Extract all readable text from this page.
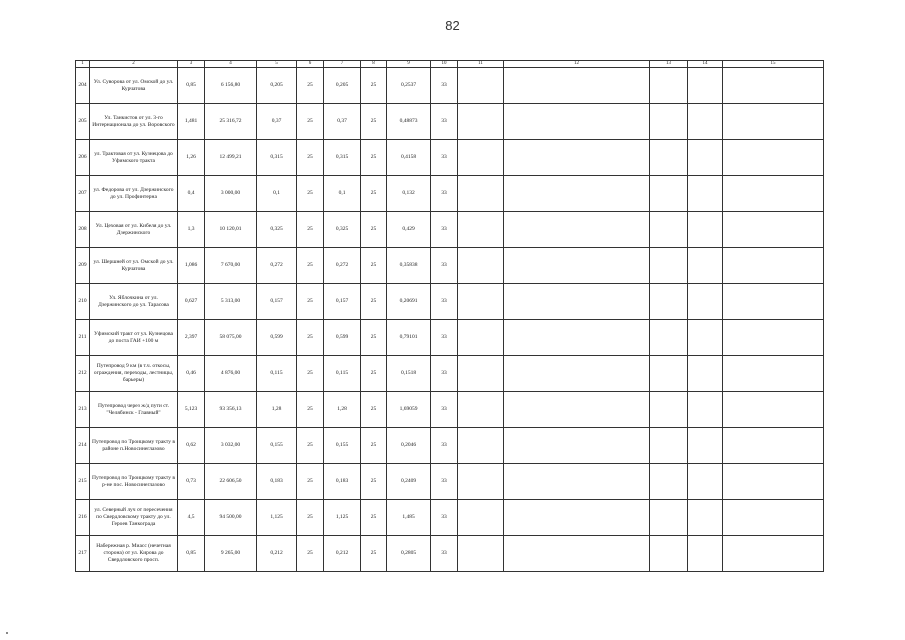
82
1	2	3	4	5	6	7	8	9	10	11	12	13	14	15
204	Ул. Суворова от ул. Омской до ул. Курчатова	0,85	6 156,80	0,205	25	0,205	25	0,2537	33					
205	Ул. Танкистов от ул. 3-го Интернационала до ул. Воровского	1,481	25 316,72	0,37	25	0,37	25	0,48873	33					
206	ул. Трактовая от ул. Кузнецова до Уфимского тракта	1,26	12 499,21	0,315	25	0,315	25	0,4158	33					
207	ул. Федорова от ул. Дзержинского до ул. Профинтерна	0,4	3 000,00	0,1	25	0,1	25	0,132	33					
208	Ул. Цеховая от ул. Кибеля до ул. Дзержинского	1,3	10 120,01	0,325	25	0,325	25	0,429	33					
209	ул. Шершней от ул. Омской до ул. Курчатова	1,086	7 670,00	0,272	25	0,272	25	0,35838	33					
210	Ул. Яблочкина от ул. Дзержинского до ул. Тарасова	0,627	5 313,00	0,157	25	0,157	25	0,20691	33					
211	Уфимский тракт от ул. Кузнецова до поста ГАИ +100 м	2,397	58 075,00	0,599	25	0,599	25	0,79101	33					
212	Путепровод 9 км (в т.ч. откосы, ограждения, переходы, лестницы, барьеры)	0,46	4 876,00	0,115	25	0,115	25	0,1518	33					
213	Путепровод через ж/д пути ст. "Челябинск - Главный"	5,123	93 356,13	1,28	25	1,28	25	1,69059	33					
214	Путепровод по Троицкому тракту в районе п.Новосинеглазово	0,62	3 032,00	0,155	25	0,155	25	0,2046	33					
215	Путепровод по Троицкому тракту в р-не пос. Новосинеглазово	0,73	22 606,50	0,183	25	0,183	25	0,2409	33					
216	ул. Северный луч от пересечения по Свердловскому тракту до ул. Героев Танкограда	4,5	94 500,00	1,125	25	1,125	25	1,485	33					
217	Набережная р. Миасс (нечетная сторона) от ул. Кирова до Свердловского просп.	0,85	9 265,00	0,212	25	0,212	25	0,2805	33					
